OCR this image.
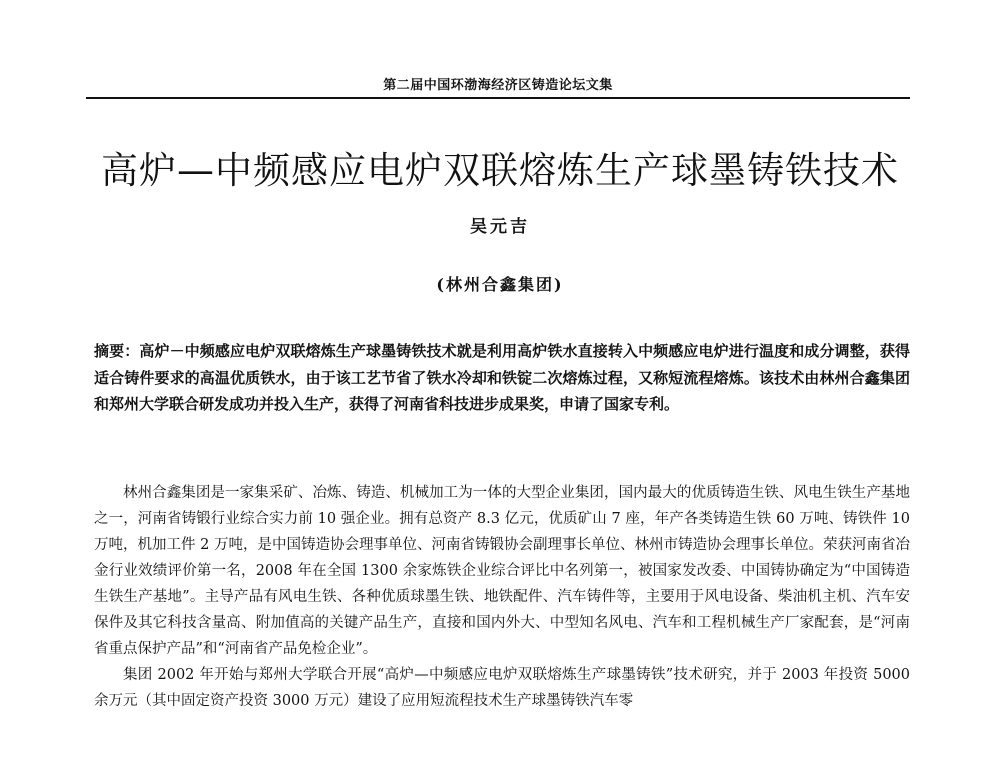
第二届中国环渤海经济区铸造论坛文集
高炉—中频感应电炉双联熔炼生产球墨铸铁技术
吴元吉
(林州合鑫集团)

摘要：高炉－中频感应电炉双联熔炼生产球墨铸铁技术就是利用高炉铁水直接转入中频感应电炉进行温度和成分调整，获得适合铸件要求的高温优质铁水，由于该工艺节省了铁水冷却和铁锭二次熔炼过程，又称短流程熔炼。该技术由林州合鑫集团和郑州大学联合研发成功并投入生产，获得了河南省科技进步成果奖，申请了国家专利。

林州合鑫集团是一家集采矿、冶炼、铸造、机械加工为一体的大型企业集团，国内最大的优质铸造生铁、风电生铁生产基地之一，河南省铸锻行业综合实力前 10 强企业。拥有总资产 8.3 亿元，优质矿山 7 座，年产各类铸造生铁 60 万吨、铸铁件 10 万吨，机加工件 2 万吨，是中国铸造协会理事单位、河南省铸锻协会副理事长单位、林州市铸造协会理事长单位。荣获河南省冶金行业效绩评价第一名，2008 年在全国 1300 余家炼铁企业综合评比中名列第一，被国家发改委、中国铸协确定为“中国铸造生铁生产基地”。主导产品有风电生铁、各种优质球墨生铁、地铁配件、汽车铸件等，主要用于风电设备、柴油机主机、汽车安保件及其它科技含量高、附加值高的关键产品生产，直接和国内外大、中型知名风电、汽车和工程机械生产厂家配套，是“河南省重点保护产品”和“河南省产品免检企业”。

集团 2002 年开始与郑州大学联合开展“高炉—中频感应电炉双联熔炼生产球墨铸铁”技术研究，并于 2003 年投资 5000 余万元（其中固定资产投资 3000 万元）建设了应用短流程技术生产球墨铸铁汽车零
